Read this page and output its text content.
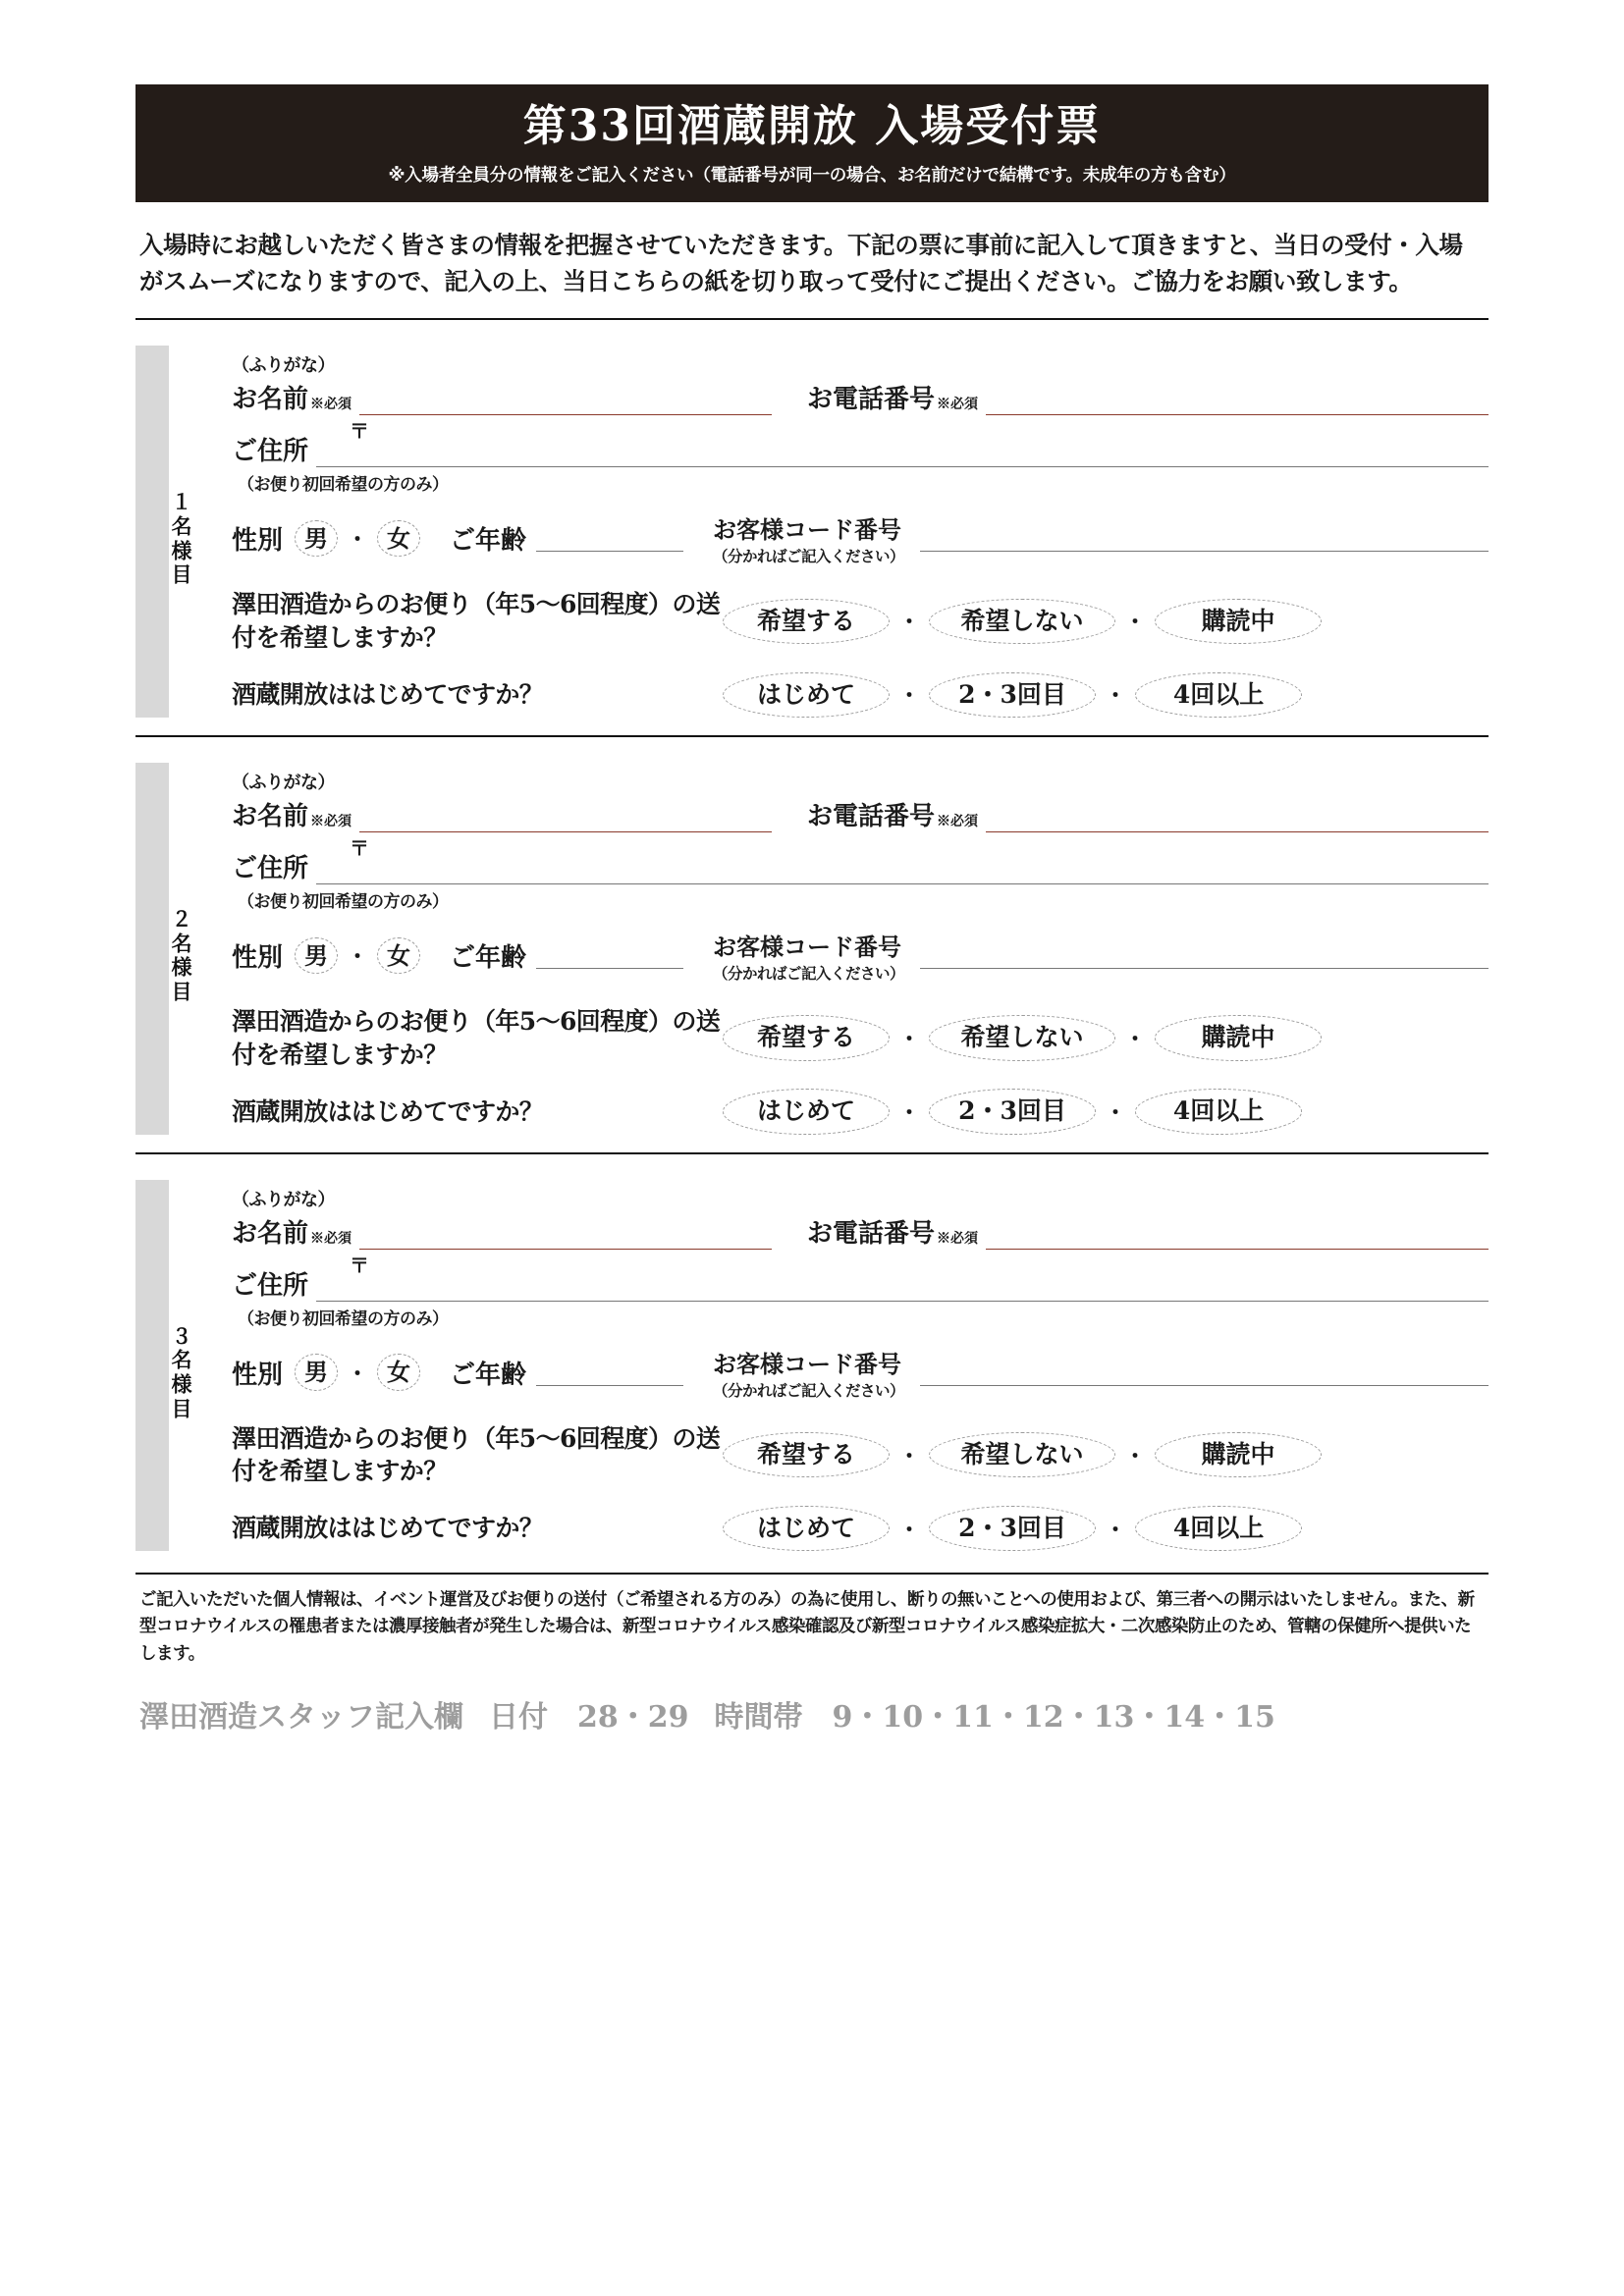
第33回酒蔵開放 入場受付票
※入場者全員分の情報をご記入ください（電話番号が同一の場合、お名前だけで結構です。未成年の方も含む）
入場時にお越しいただく皆さまの情報を把握させていただきます。下記の票に事前に記入して頂きますと、当日の受付・入場がスムーズになりますので、記入の上、当日こちらの紙を切り取って受付にご提出ください。ご協力をお願い致します。
１名様目
（ふりがな）
お名前 ※必須	お電話番号 ※必須
〒
ご住所
（お便り初回希望の方のみ）
性別 男 ・ 女	ご年齢	お客様コード番号
（分かればご記入ください）
澤田酒造からのお便り（年5〜6回程度）の送付を希望しますか？
希望する	・	希望しない	・	購読中
酒蔵開放ははじめてですか？	はじめて	・	2・3回目	・	4回以上
２名様目
（ふりがな）
お名前 ※必須	お電話番号 ※必須
〒
ご住所
（お便り初回希望の方のみ）
性別 男 ・ 女	ご年齢	お客様コード番号
（分かればご記入ください）
澤田酒造からのお便り（年5〜6回程度）の送付を希望しますか？
希望する	・	希望しない	・	購読中
酒蔵開放ははじめてですか？	はじめて	・	2・3回目	・	4回以上
３名様目
（ふりがな）
お名前 ※必須	お電話番号 ※必須
〒
ご住所
（お便り初回希望の方のみ）
性別 男 ・ 女	ご年齢	お客様コード番号
（分かればご記入ください）
澤田酒造からのお便り（年5〜6回程度）の送付を希望しますか？
希望する	・	希望しない	・	購読中
酒蔵開放ははじめてですか？	はじめて	・	2・3回目	・	4回以上
ご記入いただいた個人情報は、イベント運営及びお便りの送付（ご希望される方のみ）の為に使用し、断りの無いことへの使用および、第三者への開示はいたしません。また、新型コロナウイルスの罹患者または濃厚接触者が発生した場合は、新型コロナウイルス感染確認及び新型コロナウイルス感染症拡大・二次感染防止のため、管轄の保健所へ提供いたします。
澤田酒造スタッフ記入欄 日付　28・29 時間帯　9・10・11・12・13・14・15
